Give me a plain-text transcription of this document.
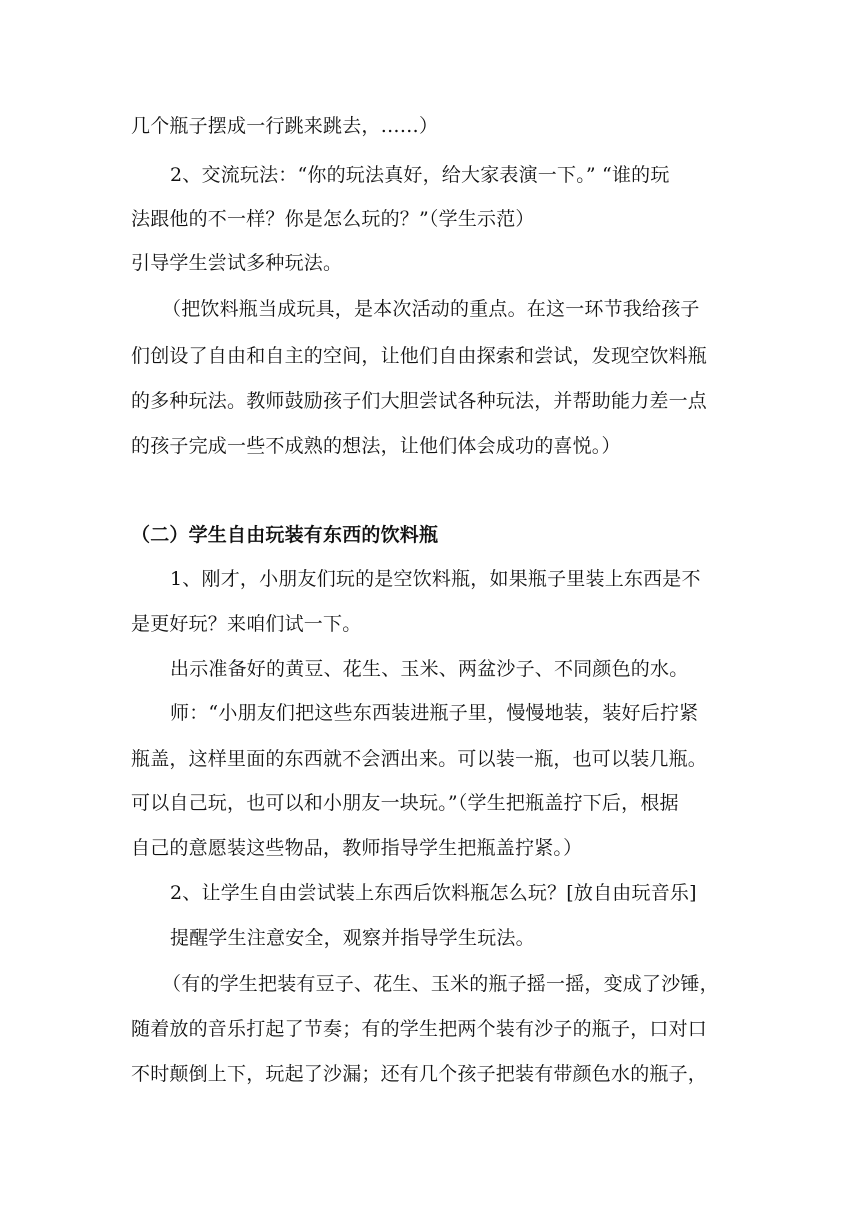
几个瓶子摆成一行跳来跳去，……）
2、交流玩法：“你的玩法真好，给大家表演一下。” “谁的玩
法跟他的不一样？你是怎么玩的？”（学生示范）
引导学生尝试多种玩法。
（把饮料瓶当成玩具，是本次活动的重点。在这一环节我给孩子
们创设了自由和自主的空间，让他们自由探索和尝试，发现空饮料瓶
的多种玩法。教师鼓励孩子们大胆尝试各种玩法，并帮助能力差一点
的孩子完成一些不成熟的想法，让他们体会成功的喜悦。）
（二）学生自由玩装有东西的饮料瓶
1、刚才，小朋友们玩的是空饮料瓶，如果瓶子里装上东西是不
是更好玩？来咱们试一下。
出示准备好的黄豆、花生、玉米、两盆沙子、不同颜色的水。
师：“小朋友们把这些东西装进瓶子里，慢慢地装，装好后拧紧
瓶盖，这样里面的东西就不会洒出来。可以装一瓶，也可以装几瓶。
可以自己玩，也可以和小朋友一块玩。”（学生把瓶盖拧下后，根据
自己的意愿装这些物品，教师指导学生把瓶盖拧紧。）
2、让学生自由尝试装上东西后饮料瓶怎么玩？[放自由玩音乐]
提醒学生注意安全，观察并指导学生玩法。
（有的学生把装有豆子、花生、玉米的瓶子摇一摇，变成了沙锤，
随着放的音乐打起了节奏；有的学生把两个装有沙子的瓶子，口对口
不时颠倒上下，玩起了沙漏；还有几个孩子把装有带颜色水的瓶子，
